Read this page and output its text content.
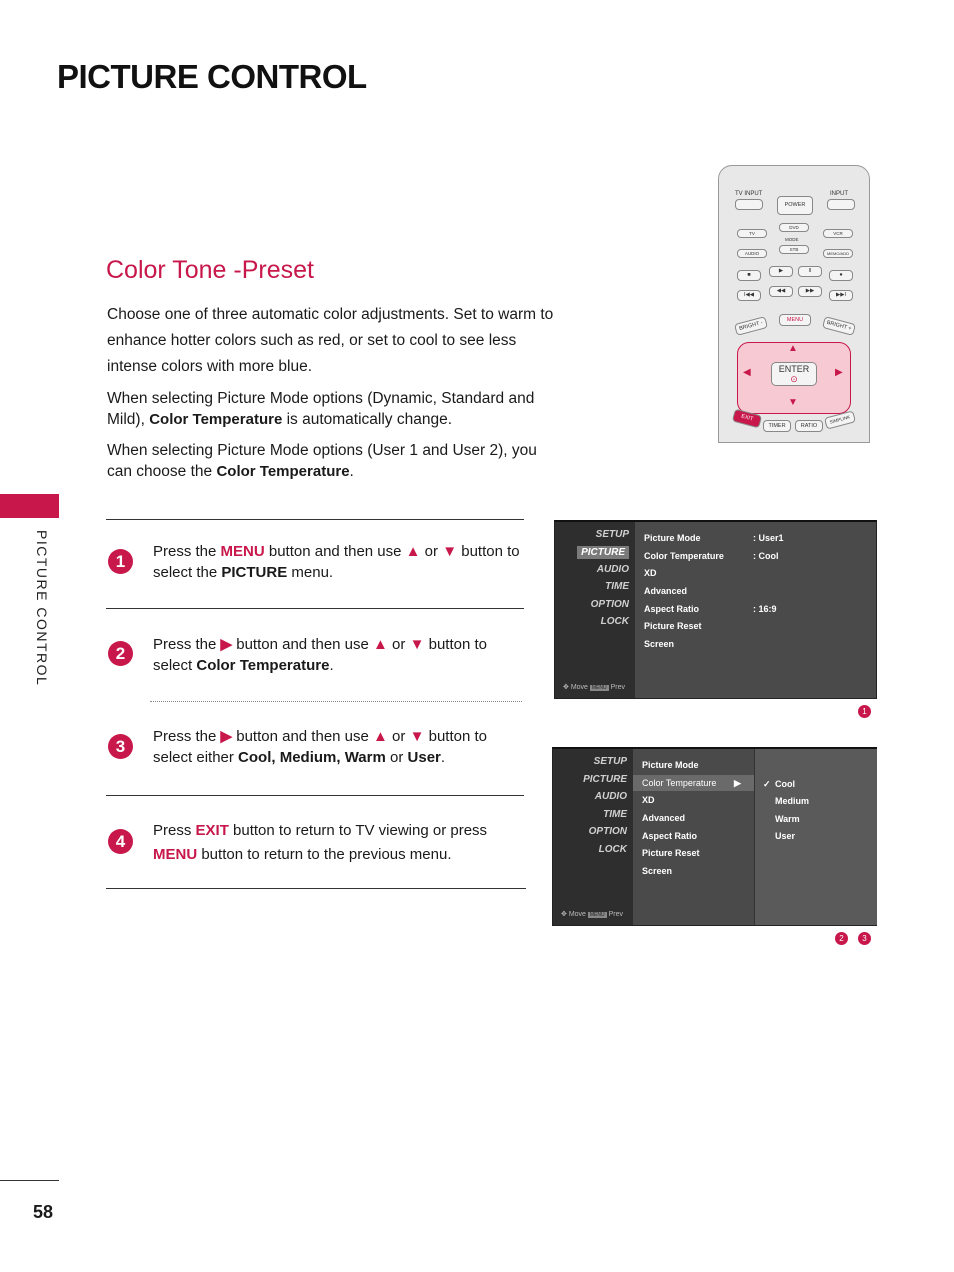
PICTURE CONTROL
PICTURE CONTROL
Color Tone -Preset
Choose one of three automatic color adjustments. Set to warm to enhance hotter colors such as red, or set to cool to see less intense colors with more blue.
When selecting Picture Mode options (Dynamic, Standard and Mild), Color Temperature is automatically change.
When selecting Picture Mode options (User 1 and User 2), you can choose the Color Temperature.
TV INPUT	INPUT
POWER
TV
DVD
VCR
MODE
AUDIO
STB
MEMO/ADD
■
▶	II
●
I◀◀
◀◀	▶▶
▶▶I
BRIGHT -	MENU	BRIGHT +
▲
▼
◀	▶
ENTER
⊙
EXIT
TIMER	RATIO
SIMPLINK
1
Press the MENU button and then use ▲ or ▼ button to select the PICTURE menu.
2	Press the ▶ button and then use ▲ or ▼ button to select Color Temperature.
3
Press the ▶ button and then use ▲ or ▼ button to select either Cool, Medium, Warm or User.
4
Press EXIT button to return to TV viewing or press MENU button to return to the previous menu.
SETUP
PICTURE
AUDIO
TIME
OPTION
LOCK
✥ Move MENU Prev
Picture Mode	: User1
Color Temperature	: Cool
XD
Advanced
Aspect Ratio	: 16:9
Picture Reset
Screen
1
SETUP
PICTURE
AUDIO
TIME
OPTION
LOCK
✥ Move MENU Prev
Picture Mode
Color Temperature ▶
XD
Advanced
Aspect Ratio
Picture Reset
Screen
✓ Cool
Medium
Warm
User
2	3
58
